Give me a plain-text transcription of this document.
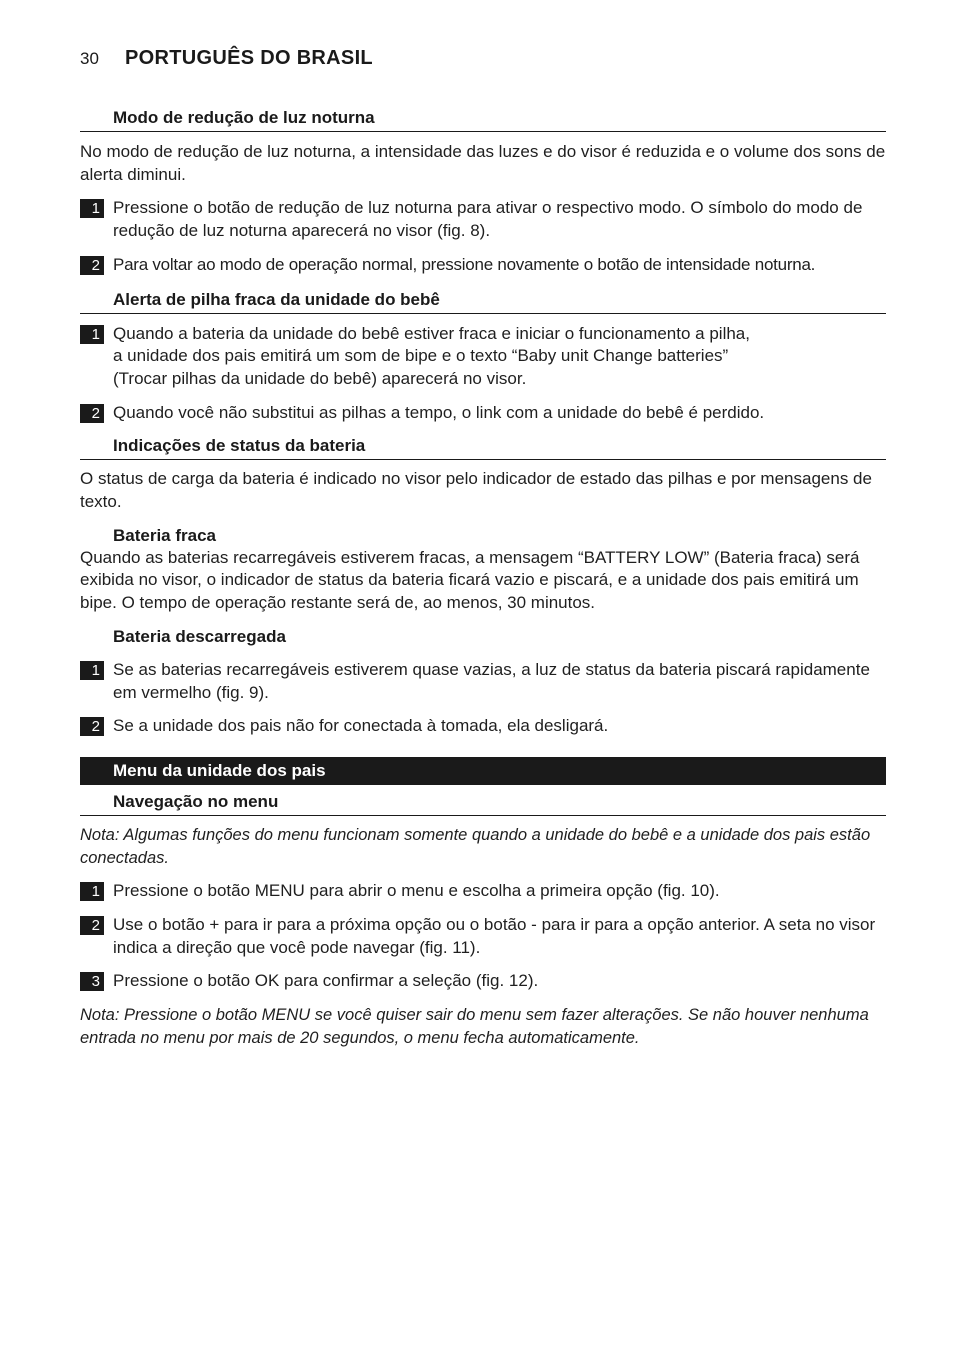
30	PORTUGUÊS DO BRASIL
Modo de redução de luz noturna
No modo de redução de luz noturna, a intensidade das luzes e do visor é reduzida e o volume dos sons de alerta diminui.
1 Pressione o botão de redução de luz noturna para ativar o respectivo modo. O símbolo do modo de redução de luz noturna aparecerá no visor (fig. 8).
2 Para voltar ao modo de operação normal, pressione novamente o botão de intensidade noturna.
Alerta de pilha fraca da unidade do bebê
1 Quando a bateria da unidade do bebê estiver fraca e iniciar o funcionamento a pilha,
a unidade dos pais emitirá um som de bipe e o texto “Baby unit Change batteries”
(Trocar pilhas da unidade do bebê) aparecerá no visor.
2 Quando você não substitui as pilhas a tempo, o link com a unidade do bebê é perdido.
Indicações de status da bateria
O status de carga da bateria é indicado no visor pelo indicador de estado das pilhas e por mensagens de texto.
Bateria fraca
Quando as baterias recarregáveis estiverem fracas, a mensagem “BATTERY LOW” (Bateria fraca) será exibida no visor, o indicador de status da bateria ficará vazio e piscará, e a unidade dos pais emitirá um bipe. O tempo de operação restante será de, ao menos, 30 minutos.
Bateria descarregada
1 Se as baterias recarregáveis estiverem quase vazias, a luz de status da bateria piscará rapidamente em vermelho (fig. 9).
2 Se a unidade dos pais não for conectada à tomada, ela desligará.
Menu da unidade dos pais
Navegação no menu
Nota: Algumas funções do menu funcionam somente quando a unidade do bebê e a unidade dos pais estão conectadas.
1 Pressione o botão MENU para abrir o menu e escolha a primeira opção (fig. 10).
2 Use o botão + para ir para a próxima opção ou o botão - para ir para a opção anterior. A seta no visor indica a direção que você pode navegar (fig. 11).
3 Pressione o botão OK para confirmar a seleção (fig. 12).
Nota: Pressione o botão MENU se você quiser sair do menu sem fazer alterações. Se não houver nenhuma entrada no menu por mais de 20 segundos, o menu fecha automaticamente.
